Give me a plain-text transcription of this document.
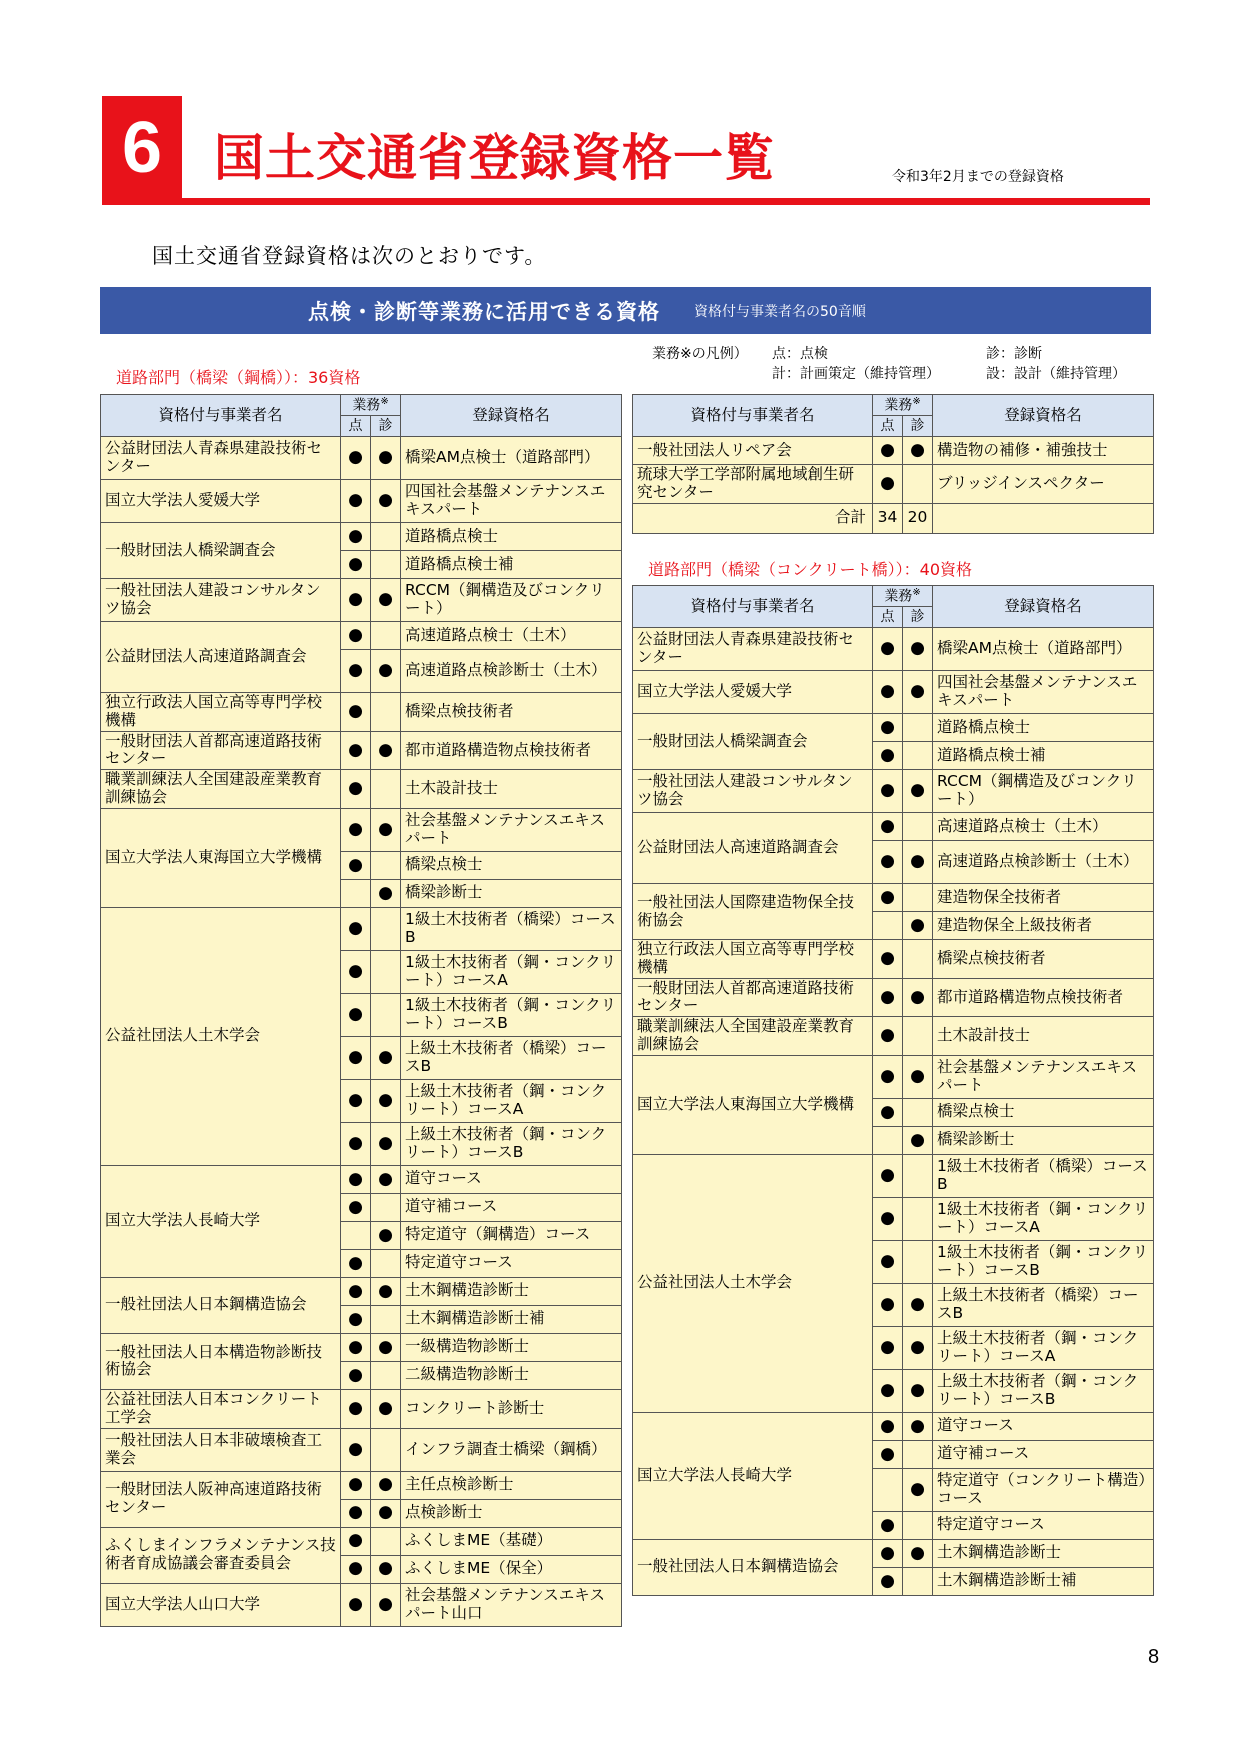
6	国土交通省登録資格一覧	令和3年2月までの登録資格
国土交通省登録資格は次のとおりです。
点検・診断等業務に活用できる資格 資格付与事業者名の50音順
業務※の凡例） 点：点検	診：診断
計：計画策定（維持管理）	設：設計（維持管理）
道路部門（橋梁（鋼橋））：36資格
道路部門（橋梁（コンクリート橋））：40資格
資格付与事業者名	業務※		登録資格名
	点	診	
公益財団法人青森県建設技術センター	●	●	橋梁AM点検士（道路部門）
国立大学法人愛媛大学	●	●	四国社会基盤メンテナンスエキスパート
一般財団法人橋梁調査会	●		道路橋点検士
	●		道路橋点検士補
一般社団法人建設コンサルタンツ協会	●	●	RCCM（鋼構造及びコンクリート）
公益財団法人高速道路調査会	●		高速道路点検士（土木）
	●	●	高速道路点検診断士（土木）
独立行政法人国立高等専門学校機構	●		橋梁点検技術者
一般財団法人首都高速道路技術センター	●	●	都市道路構造物点検技術者
職業訓練法人全国建設産業教育訓練協会	●		土木設計技士
国立大学法人東海国立大学機構	●	●	社会基盤メンテナンスエキスパート
	●		橋梁点検士
		●	橋梁診断士
公益社団法人土木学会	●		1級土木技術者（橋梁）コースB
	●		1級土木技術者（鋼・コンクリート）コースA
	●		1級土木技術者（鋼・コンクリート）コースB
	●	●	上級土木技術者（橋梁）コースB
	●	●	上級土木技術者（鋼・コンクリート）コースA
	●	●	上級土木技術者（鋼・コンクリート）コースB
国立大学法人長崎大学	●	●	道守コース
	●		道守補コース
		●	特定道守（鋼構造）コース
	●		特定道守コース
一般社団法人日本鋼構造協会	●	●	土木鋼構造診断士
	●		土木鋼構造診断士補
一般社団法人日本構造物診断技術協会	●	●	一級構造物診断士
	●		二級構造物診断士
公益社団法人日本コンクリート工学会	●	●	コンクリート診断士
一般社団法人日本非破壊検査工業会	●		インフラ調査士橋梁（鋼橋）
一般財団法人阪神高速道路技術センター	●	●	主任点検診断士
	●	●	点検診断士
ふくしまインフラメンテナンス技術者育成協議会審査委員会	●		ふくしまME（基礎）
	●	●	ふくしまME（保全）
国立大学法人山口大学	●	●	社会基盤メンテナンスエキスパート山口
資格付与事業者名	業務※		登録資格名
	点	診	
一般社団法人リペア会	●	●	構造物の補修・補強技士
琉球大学工学部附属地域創生研究センター	●		ブリッジインスペクター
合計	34	20	
資格付与事業者名	業務※		登録資格名
	点	診	
公益財団法人青森県建設技術センター	●	●	橋梁AM点検士（道路部門）
国立大学法人愛媛大学	●	●	四国社会基盤メンテナンスエキスパート
一般財団法人橋梁調査会	●		道路橋点検士
	●		道路橋点検士補
一般社団法人建設コンサルタンツ協会	●	●	RCCM（鋼構造及びコンクリート）
公益財団法人高速道路調査会	●		高速道路点検士（土木）
	●	●	高速道路点検診断士（土木）
一般社団法人国際建造物保全技術協会	●		建造物保全技術者
		●	建造物保全上級技術者
独立行政法人国立高等専門学校機構	●		橋梁点検技術者
一般財団法人首都高速道路技術センター	●	●	都市道路構造物点検技術者
職業訓練法人全国建設産業教育訓練協会	●		土木設計技士
国立大学法人東海国立大学機構	●	●	社会基盤メンテナンスエキスパート
	●		橋梁点検士
		●	橋梁診断士
公益社団法人土木学会	●		1級土木技術者（橋梁）コースB
	●		1級土木技術者（鋼・コンクリート）コースA
	●		1級土木技術者（鋼・コンクリート）コースB
	●	●	上級土木技術者（橋梁）コースB
	●	●	上級土木技術者（鋼・コンクリート）コースA
	●	●	上級土木技術者（鋼・コンクリート）コースB
国立大学法人長崎大学	●	●	道守コース
	●		道守補コース
		●	特定道守（コンクリート構造）コース
	●		特定道守コース
一般社団法人日本鋼構造協会	●	●	土木鋼構造診断士
	●		土木鋼構造診断士補
8
